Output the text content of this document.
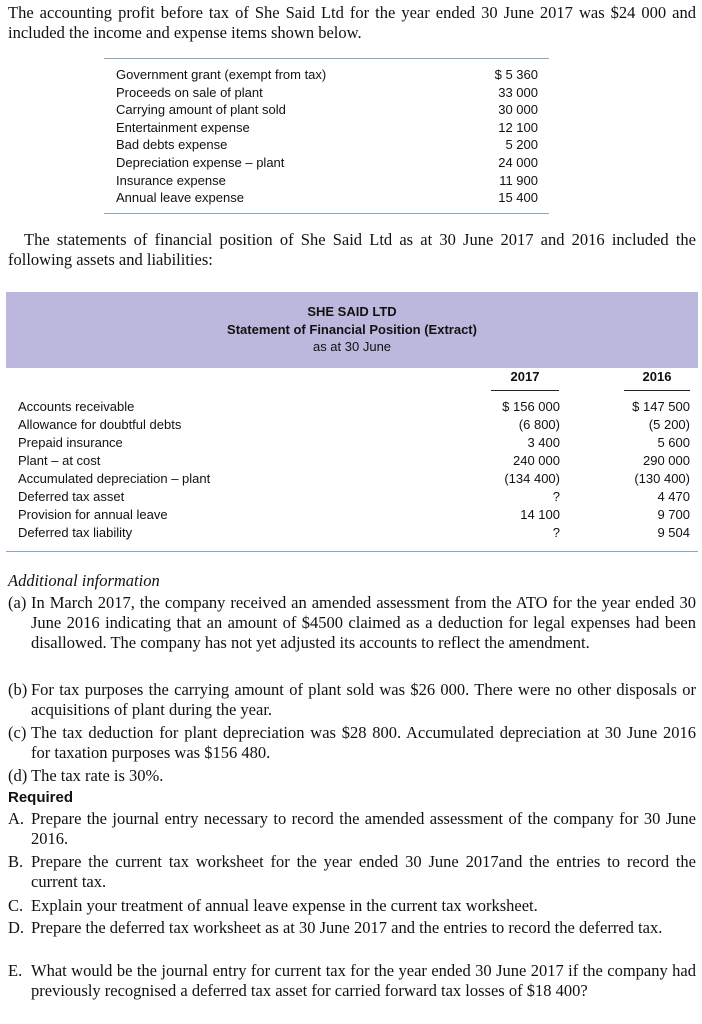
The accounting profit before tax of She Said Ltd for the year ended 30 June 2017 was $24 000 and included the income and expense items shown below.
Government grant (exempt from tax)	$ 5 360
Proceeds on sale of plant	33 000
Carrying amount of plant sold	30 000
Entertainment expense	12 100
Bad debts expense	5 200
Depreciation expense – plant	24 000
Insurance expense	11 900
Annual leave expense	15 400
The statements of financial position of She Said Ltd as at 30 June 2017 and 2016 included the following assets and liabilities:
SHE SAID LTD
Statement of Financial Position (Extract)
as at 30 June
2017	2016
Accounts receivable	$ 156 000	$ 147 500
Allowance for doubtful debts	(6 800)	(5 200)
Prepaid insurance	3 400	5 600
Plant – at cost	240 000	290 000
Accumulated depreciation – plant	(134 400)	(130 400)
Deferred tax asset	?	4 470
Provision for annual leave	14 100	9 700
Deferred tax liability	?	9 504
Additional information
(a) In March 2017, the company received an amended assessment from the ATO for the year ended 30 June 2016 indicating that an amount of $4500 claimed as a deduction for legal expenses had been disallowed. The company has not yet adjusted its accounts to reflect the amendment.
(b) For tax purposes the carrying amount of plant sold was $26 000. There were no other disposals or acquisitions of plant during the year.
(c) The tax deduction for plant depreciation was $28 800. Accumulated depreciation at 30 June 2016 for taxation purposes was $156 480.
(d) The tax rate is 30%.
Required
A. Prepare the journal entry necessary to record the amended assessment of the company for 30 June 2016.
B. Prepare the current tax worksheet for the year ended 30 June 2017and the entries to record the current tax.
C. Explain your treatment of annual leave expense in the current tax worksheet.
D. Prepare the deferred tax worksheet as at 30 June 2017 and the entries to record the deferred tax.
E. What would be the journal entry for current tax for the year ended 30 June 2017 if the company had previously recognised a deferred tax asset for carried forward tax losses of $18 400?
